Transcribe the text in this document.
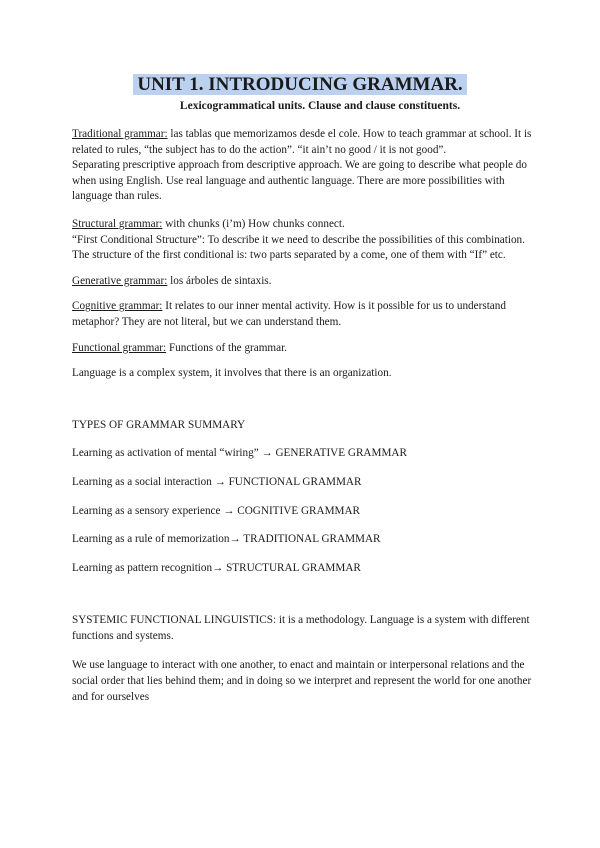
UNIT 1. INTRODUCING GRAMMAR.
Lexicogrammatical units. Clause and clause constituents.

Traditional grammar: las tablas que memorizamos desde el cole. How to teach grammar at school. It is related to rules, “the subject has to do the action”. “it ain’t no good / it is not good”.

Separating prescriptive approach from descriptive approach. We are going to describe what people do when using English. Use real language and authentic language. There are more possibilities with language than rules.

Structural grammar: with chunks (i’m) How chunks connect.

“First Conditional Structure”: To describe it we need to describe the possibilities of this combination. The structure of the first conditional is: two parts separated by a come, one of them with “If” etc.

Generative grammar: los árboles de sintaxis.

Cognitive grammar: It relates to our inner mental activity. How is it possible for us to understand metaphor? They are not literal, but we can understand them.

Functional grammar: Functions of the grammar.

Language is a complex system, it involves that there is an organization.

TYPES OF GRAMMAR SUMMARY

Learning as activation of mental “wiring” → GENERATIVE GRAMMAR

Learning as a social interaction → FUNCTIONAL GRAMMAR

Learning as a sensory experience → COGNITIVE GRAMMAR

Learning as a rule of memorization→ TRADITIONAL GRAMMAR

Learning as pattern recognition→ STRUCTURAL GRAMMAR

SYSTEMIC FUNCTIONAL LINGUISTICS: it is a methodology. Language is a system with different functions and systems.

We use language to interact with one another, to enact and maintain or interpersonal relations and the social order that lies behind them; and in doing so we interpret and represent the world for one another and for ourselves
